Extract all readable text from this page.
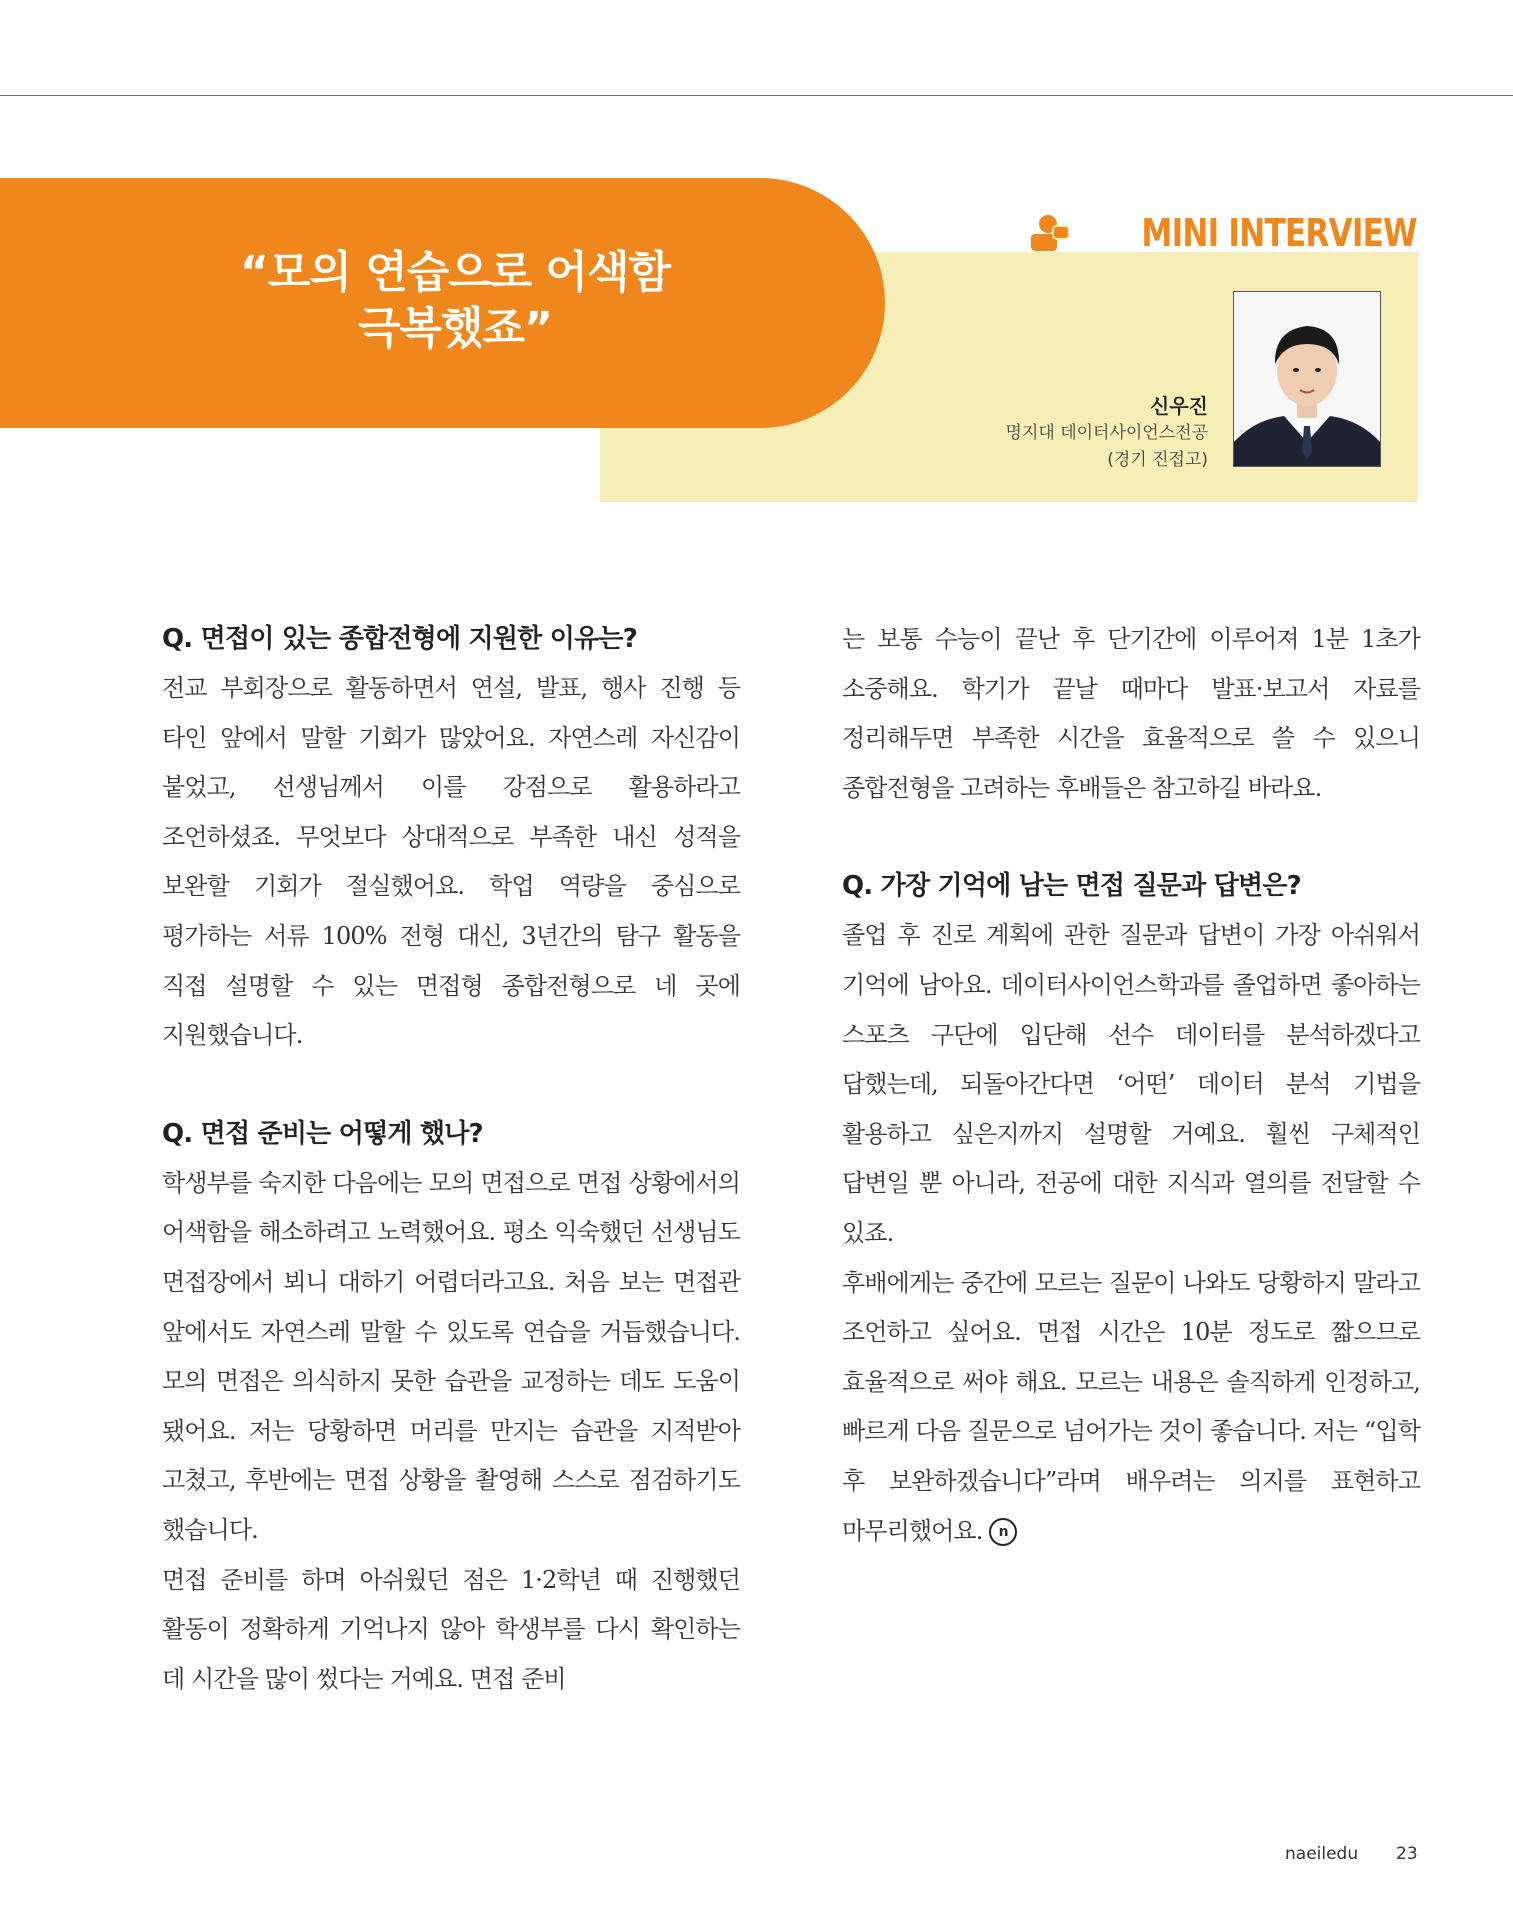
“모의 연습으로 어색함
극복했죠”
MINI INTERVIEW
신우진
명지대 데이터사이언스전공
(경기 진접고)

Q. 면접이 있는 종합전형에 지원한 이유는?

전교 부회장으로 활동하면서 연설, 발표, 행사 진행 등 타인 앞에서 말할 기회가 많았어요. 자연스레 자신감이 붙었고, 선생님께서 이를 강점으로 활용하라고 조언하셨죠. 무엇보다 상대적으로 부족한 내신 성적을 보완할 기회가 절실했어요. 학업 역량을 중심으로 평가하는 서류 100% 전형 대신, 3년간의 탐구 활동을 직접 설명할 수 있는 면접형 종합전형으로 네 곳에 지원했습니다.

Q. 면접 준비는 어떻게 했나?

학생부를 숙지한 다음에는 모의 면접으로 면접 상황에서의 어색함을 해소하려고 노력했어요. 평소 익숙했던 선생님도 면접장에서 뵈니 대하기 어렵더라고요. 처음 보는 면접관 앞에서도 자연스레 말할 수 있도록 연습을 거듭했습니다. 모의 면접은 의식하지 못한 습관을 교정하는 데도 도움이 됐어요. 저는 당황하면 머리를 만지는 습관을 지적받아 고쳤고, 후반에는 면접 상황을 촬영해 스스로 점검하기도 했습니다.

면접 준비를 하며 아쉬웠던 점은 1·2학년 때 진행했던 활동이 정확하게 기억나지 않아 학생부를 다시 확인하는 데 시간을 많이 썼다는 거예요. 면접 준비

는 보통 수능이 끝난 후 단기간에 이루어져 1분 1초가 소중해요. 학기가 끝날 때마다 발표·보고서 자료를 정리해두면 부족한 시간을 효율적으로 쓸 수 있으니 종합전형을 고려하는 후배들은 참고하길 바라요.

Q. 가장 기억에 남는 면접 질문과 답변은?

졸업 후 진로 계획에 관한 질문과 답변이 가장 아쉬워서 기억에 남아요. 데이터사이언스학과를 졸업하면 좋아하는 스포츠 구단에 입단해 선수 데이터를 분석하겠다고 답했는데, 되돌아간다면 ‘어떤’ 데이터 분석 기법을 활용하고 싶은지까지 설명할 거예요. 훨씬 구체적인 답변일 뿐 아니라, 전공에 대한 지식과 열의를 전달할 수 있죠.

후배에게는 중간에 모르는 질문이 나와도 당황하지 말라고 조언하고 싶어요. 면접 시간은 10분 정도로 짧으므로 효율적으로 써야 해요. 모르는 내용은 솔직하게 인정하고, 빠르게 다음 질문으로 넘어가는 것이 좋습니다. 저는 “입학 후 보완하겠습니다”라며 배우려는 의지를 표현하고 마무리했어요. n

naeiledu 23
